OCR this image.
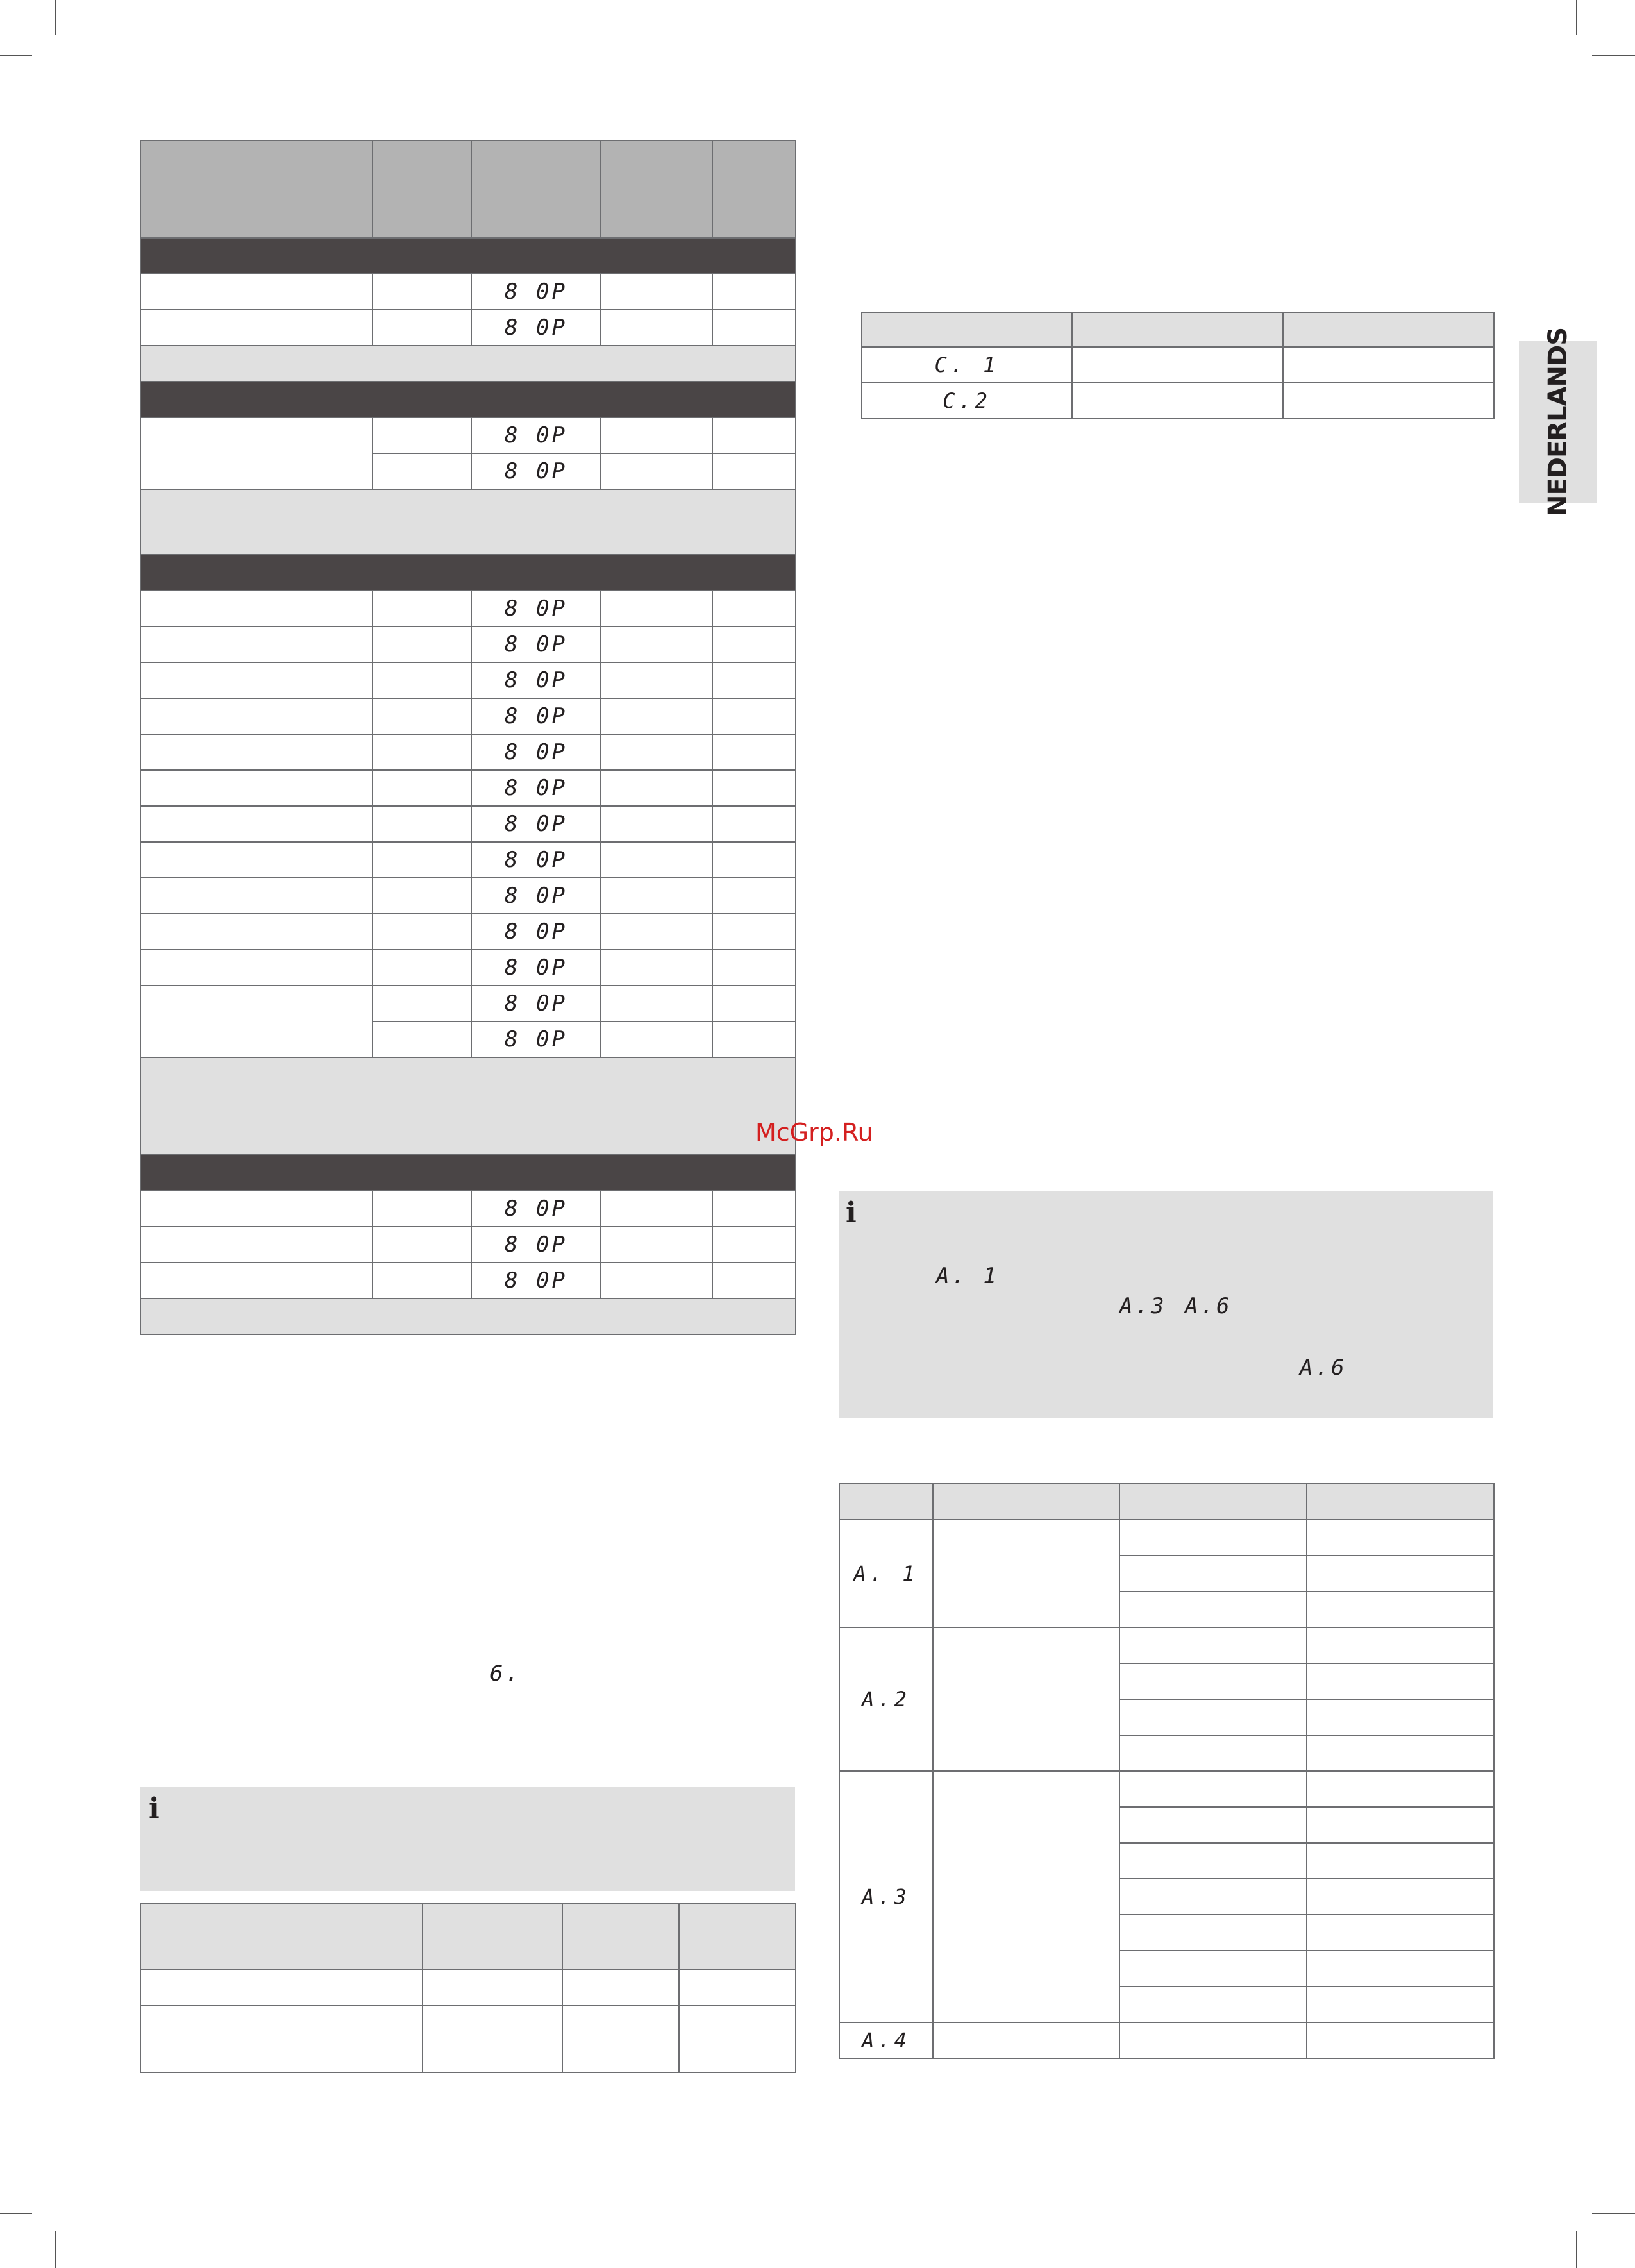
		8 0P		
		8 0P		

		8 0P		
		8 0P		

		8 0P		
		8 0P		
		8 0P		
		8 0P		
		8 0P		
		8 0P		
		8 0P		
		8 0P		
		8 0P		
		8 0P		
		8 0P		
		8 0P		
		8 0P		

		8 0P		
		8 0P		
		8 0P		

6.
i

C. 1		
C.2			NEDERLANDS
McGrp.Ru
i
A. 1
A.3 A.6
A.6

A. 1			

A.2			

A.3			

A.4			
